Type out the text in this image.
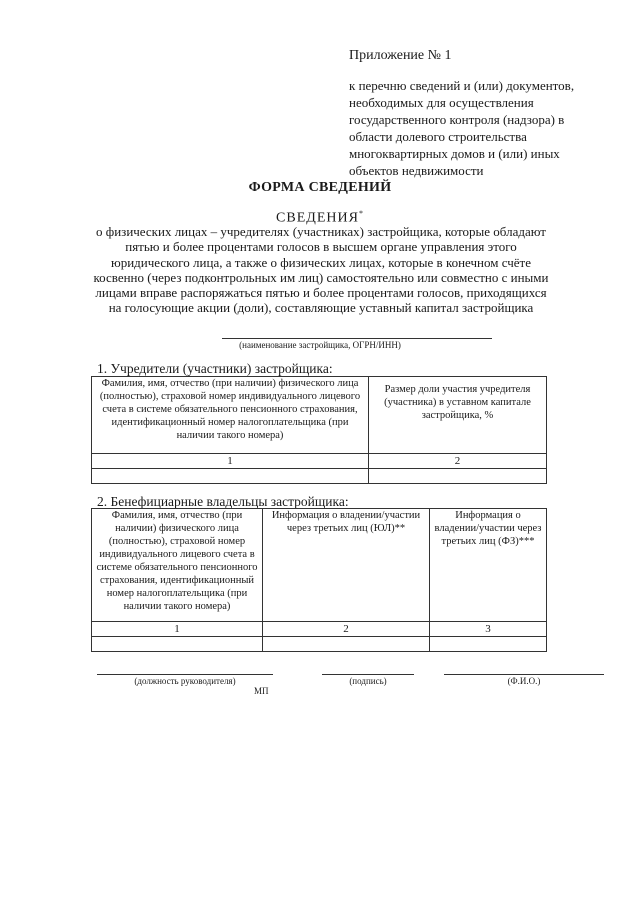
Приложение № 1
к перечню сведений и (или) документов, необходимых для осуществления государственного контроля (надзора) в области долевого строительства многоквартирных домов и (или) иных объектов недвижимости
ФОРМА СВЕДЕНИЙ
СВЕДЕНИЯ*
о физических лицах – учредителях (участниках) застройщика, которые обладают пятью и более процентами голосов в высшем органе управления этого юридического лица, а также о физических лицах, которые в конечном счёте косвенно (через подконтрольных им лиц) самостоятельно или совместно с иными лицами вправе распоряжаться пятью и более процентами голосов, приходящихся на голосующие акции (доли), составляющие уставный капитал застройщика
(наименование застройщика, ОГРН/ИНН)
1. Учредители (участники) застройщика:
Фамилия, имя, отчество (при наличии) физического лица (полностью), страховой номер индивидуального лицевого счета в системе обязательного пенсионного страхования, идентификационный номер налогоплательщика (при наличии такого номера)	Размер доли участия учредителя (участника) в уставном капитале застройщика, %
1	2

2. Бенефициарные владельцы застройщика:
Фамилия, имя, отчество (при наличии) физического лица (полностью), страховой номер индивидуального лицевого счета в системе обязательного пенсионного страхования, идентификационный номер налогоплательщика (при наличии такого номера)	Информация о владении/участии через третьих лиц (ЮЛ)**	Информация о владении/участии через третьих лиц (ФЗ)***
1	2	3

(должность руководителя)	(подпись)	(Ф.И.О.)
МП
